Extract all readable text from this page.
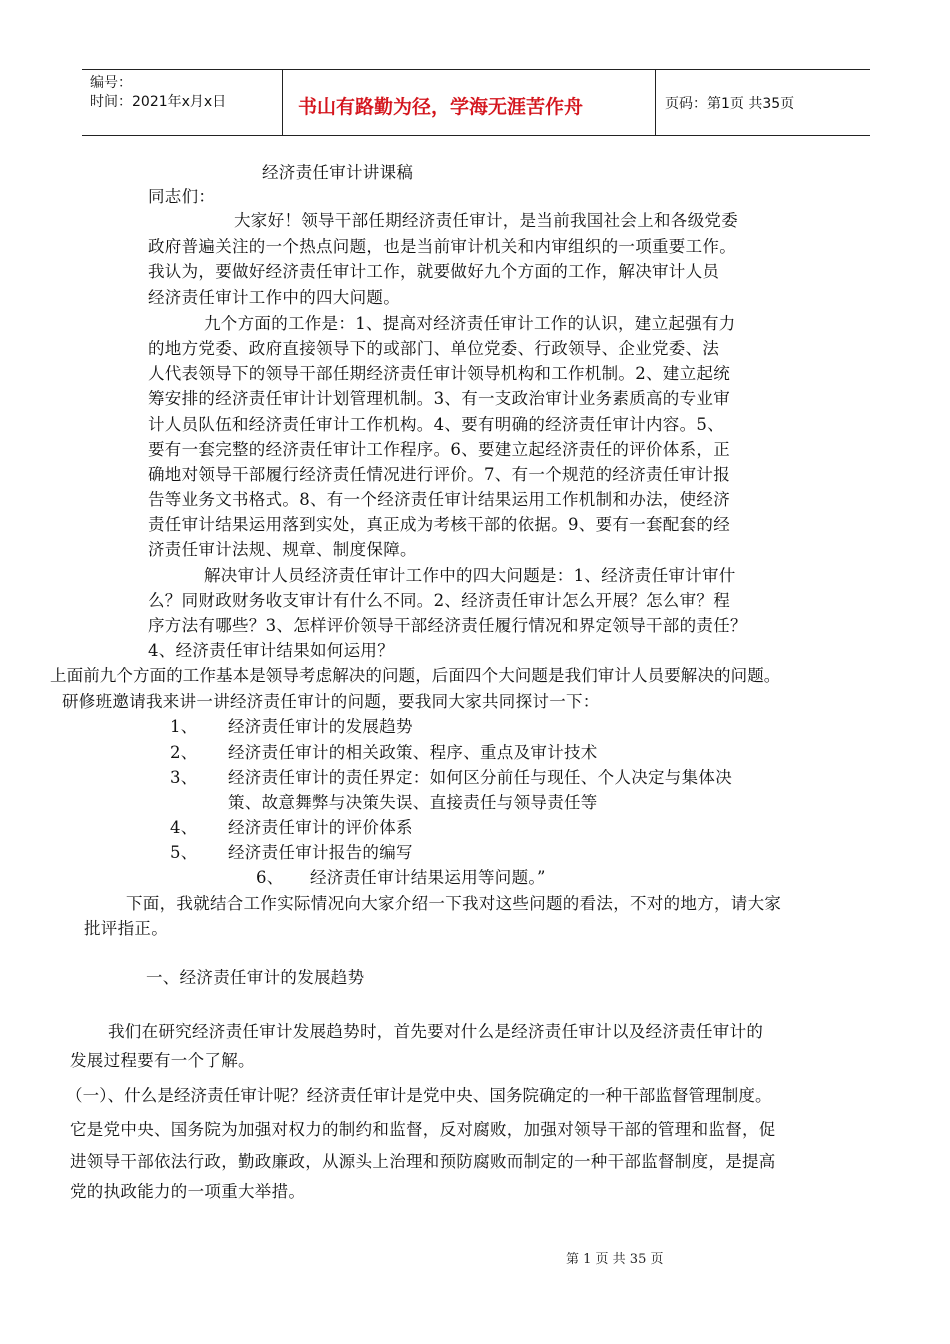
编号：
时间：2021年x月x日	书山有路勤为径，学海无涯苦作舟	页码：第1页 共35页
经济责任审计讲课稿
同志们：
大家好！领导干部任期经济责任审计，是当前我国社会上和各级党委
政府普遍关注的一个热点问题，也是当前审计机关和内审组织的一项重要工作。
我认为，要做好经济责任审计工作，就要做好九个方面的工作，解决审计人员
经济责任审计工作中的四大问题。
九个方面的工作是：1、提高对经济责任审计工作的认识，建立起强有力
的地方党委、政府直接领导下的或部门、单位党委、行政领导、企业党委、法
人代表领导下的领导干部任期经济责任审计领导机构和工作机制。2、建立起统
筹安排的经济责任审计计划管理机制。3、有一支政治审计业务素质高的专业审
计人员队伍和经济责任审计工作机构。4、要有明确的经济责任审计内容。5、
要有一套完整的经济责任审计工作程序。6、要建立起经济责任的评价体系，正
确地对领导干部履行经济责任情况进行评价。7、有一个规范的经济责任审计报
告等业务文书格式。8、有一个经济责任审计结果运用工作机制和办法，使经济
责任审计结果运用落到实处，真正成为考核干部的依据。9、要有一套配套的经
济责任审计法规、规章、制度保障。
解决审计人员经济责任审计工作中的四大问题是：1、经济责任审计审什
么？同财政财务收支审计有什么不同。2、经济责任审计怎么开展？怎么审？程
序方法有哪些？3、怎样评价领导干部经济责任履行情况和界定领导干部的责任？
4、经济责任审计结果如何运用？
上面前九个方面的工作基本是领导考虑解决的问题，后面四个大问题是我们审计人员要解决的问题。
研修班邀请我来讲一讲经济责任审计的问题，要我同大家共同探讨一下：
1、 经济责任审计的发展趋势
2、 经济责任审计的相关政策、程序、重点及审计技术
3、 经济责任审计的责任界定：如何区分前任与现任、个人决定与集体决
策、故意舞弊与决策失误、直接责任与领导责任等
4、 经济责任审计的评价体系
5、 经济责任审计报告的编写
6、 经济责任审计结果运用等问题。”
下面，我就结合工作实际情况向大家介绍一下我对这些问题的看法，不对的地方，请大家
批评指正。
一、经济责任审计的发展趋势
我们在研究经济责任审计发展趋势时，首先要对什么是经济责任审计以及经济责任审计的
发展过程要有一个了解。
（一）、什么是经济责任审计呢？经济责任审计是党中央、国务院确定的一种干部监督管理制度。
它是党中央、国务院为加强对权力的制约和监督，反对腐败，加强对领导干部的管理和监督，促
进领导干部依法行政，勤政廉政，从源头上治理和预防腐败而制定的一种干部监督制度，是提高
党的执政能力的一项重大举措。
第 1 页 共 35 页
